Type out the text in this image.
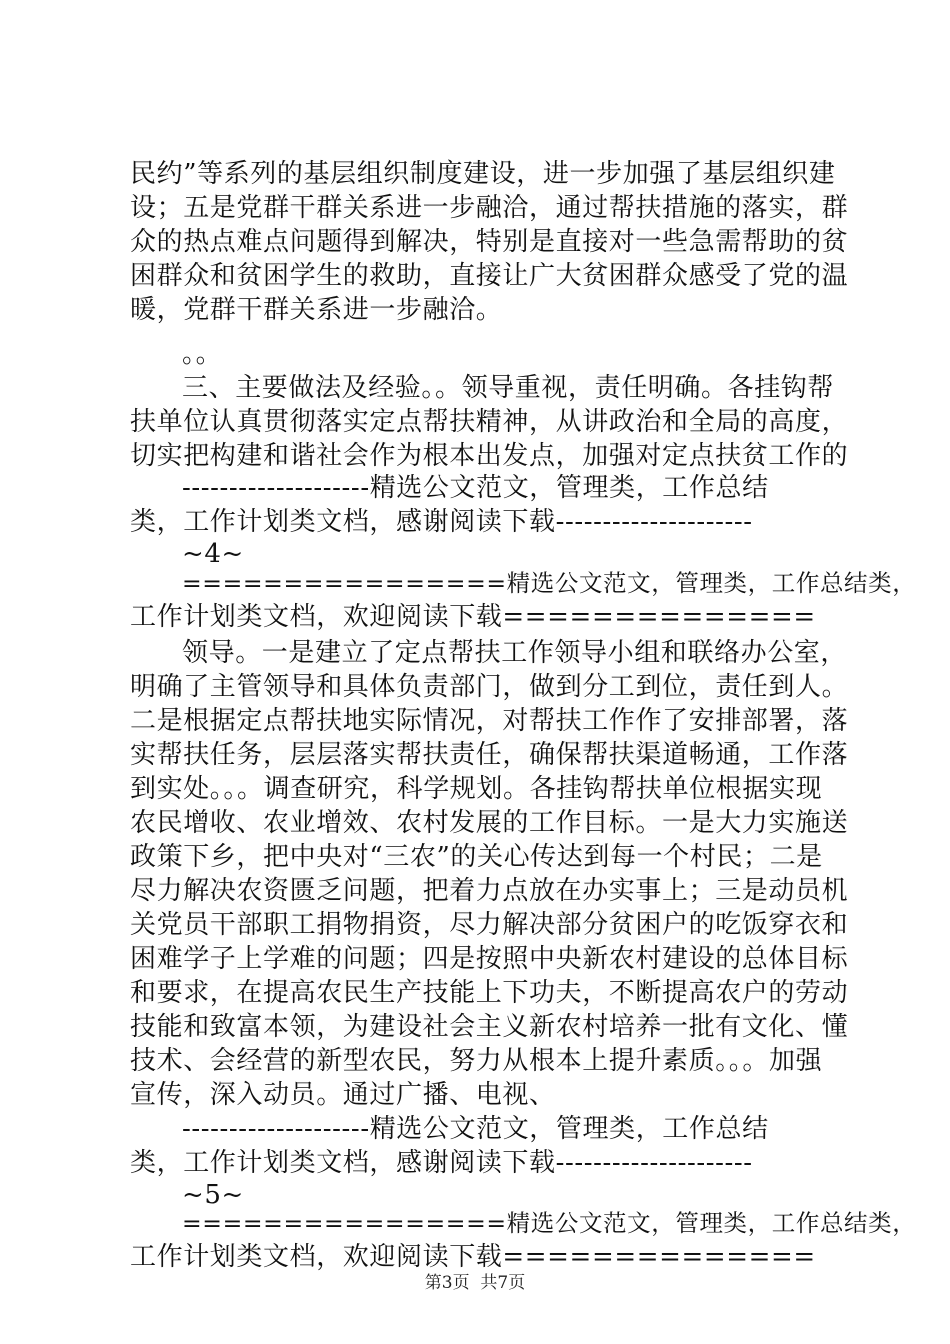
民约”等系列的基层组织制度建设，进一步加强了基层组织建
设；五是党群干群关系进一步融洽，通过帮扶措施的落实，群
众的热点难点问题得到解决，特别是直接对一些急需帮助的贫
困群众和贫困学生的救助，直接让广大贫困群众感受了党的温
暖，党群干群关系进一步融洽。
。。
三、主要做法及经验。。领导重视，责任明确。各挂钩帮
扶单位认真贯彻落实定点帮扶精神，从讲政治和全局的高度，
切实把构建和谐社会作为根本出发点，加强对定点扶贫工作的
--------------------精选公文范文，管理类，工作总结
类，工作计划类文档，感谢阅读下载---------------------
~4~
================精选公文范文，管理类，工作总结类，
工作计划类文档，欢迎阅读下载==============
领导。一是建立了定点帮扶工作领导小组和联络办公室，
明确了主管领导和具体负责部门，做到分工到位，责任到人。
二是根据定点帮扶地实际情况，对帮扶工作作了安排部署，落
实帮扶任务，层层落实帮扶责任，确保帮扶渠道畅通，工作落
到实处。。。调查研究，科学规划。各挂钩帮扶单位根据实现
农民增收、农业增效、农村发展的工作目标。一是大力实施送
政策下乡，把中央对“三农”的关心传达到每一个村民；二是
尽力解决农资匮乏问题，把着力点放在办实事上；三是动员机
关党员干部职工捐物捐资，尽力解决部分贫困户的吃饭穿衣和
困难学子上学难的问题；四是按照中央新农村建设的总体目标
和要求，在提高农民生产技能上下功夫，不断提高农户的劳动
技能和致富本领，为建设社会主义新农村培养一批有文化、懂
技术、会经营的新型农民，努力从根本上提升素质。。。加强
宣传，深入动员。通过广播、电视、
--------------------精选公文范文，管理类，工作总结
类，工作计划类文档，感谢阅读下载---------------------
~5~
================精选公文范文，管理类，工作总结类，
工作计划类文档，欢迎阅读下载==============
第3页  共7页
